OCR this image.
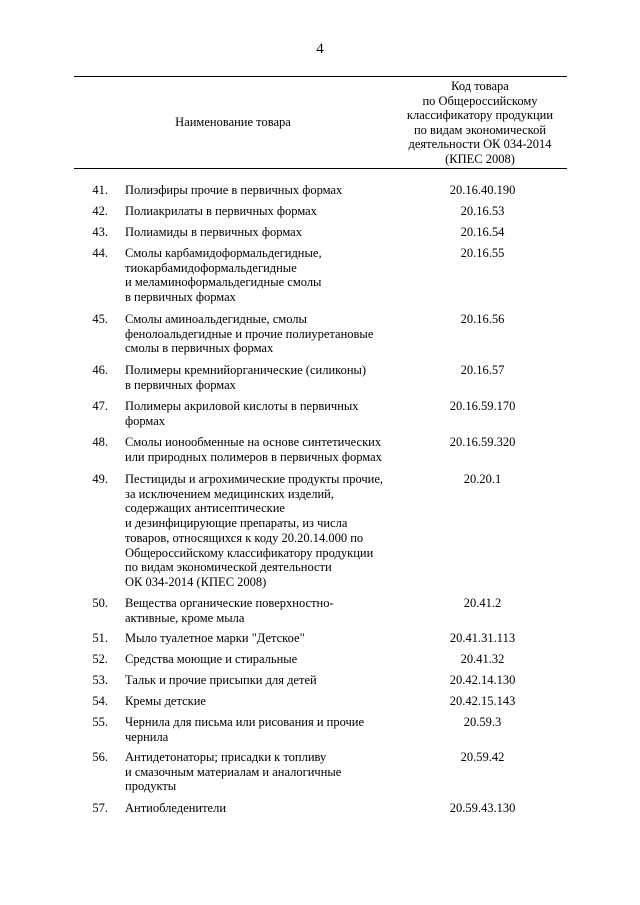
4
Наименование товара
Код товара
по Общероссийскому
классификатору продукции
по видам экономической
деятельности ОК 034-2014
(КПЕС 2008)
41. Полиэфиры прочие в первичных формах	20.16.40.190
42. Полиакрилаты в первичных формах	20.16.53
43. Полиамиды в первичных формах	20.16.54
44. Смолы карбамидоформальдегидные,
тиокарбамидоформальдегидные
и меламиноформальдегидные смолы
в первичных формах
20.16.55
45. Смолы аминоальдегидные, смолы
фенолоальдегидные и прочие полиуретановые
смолы в первичных формах
20.16.56
46. Полимеры кремнийорганические (силиконы)
в первичных формах
20.16.57
47. Полимеры акриловой кислоты в первичных
формах
20.16.59.170
48. Смолы ионообменные на основе синтетических
или природных полимеров в первичных формах
20.16.59.320
49. Пестициды и агрохимические продукты прочие,
за исключением медицинских изделий,
содержащих антисептические
и дезинфицирующие препараты, из числа
товаров, относящихся к коду 20.20.14.000 по
Общероссийскому классификатору продукции
по видам экономической деятельности
ОК 034-2014 (КПЕС 2008)
20.20.1
50. Вещества органические поверхностно-
активные, кроме мыла
20.41.2
51. Мыло туалетное марки "Детское"	20.41.31.113
52. Средства моющие и стиральные	20.41.32
53. Тальк и прочие присыпки для детей	20.42.14.130
54. Кремы детские	20.42.15.143
55. Чернила для письма или рисования и прочие
чернила
20.59.3
56. Антидетонаторы; присадки к топливу
и смазочным материалам и аналогичные
продукты
20.59.42
57. Антиобледенители	20.59.43.130
